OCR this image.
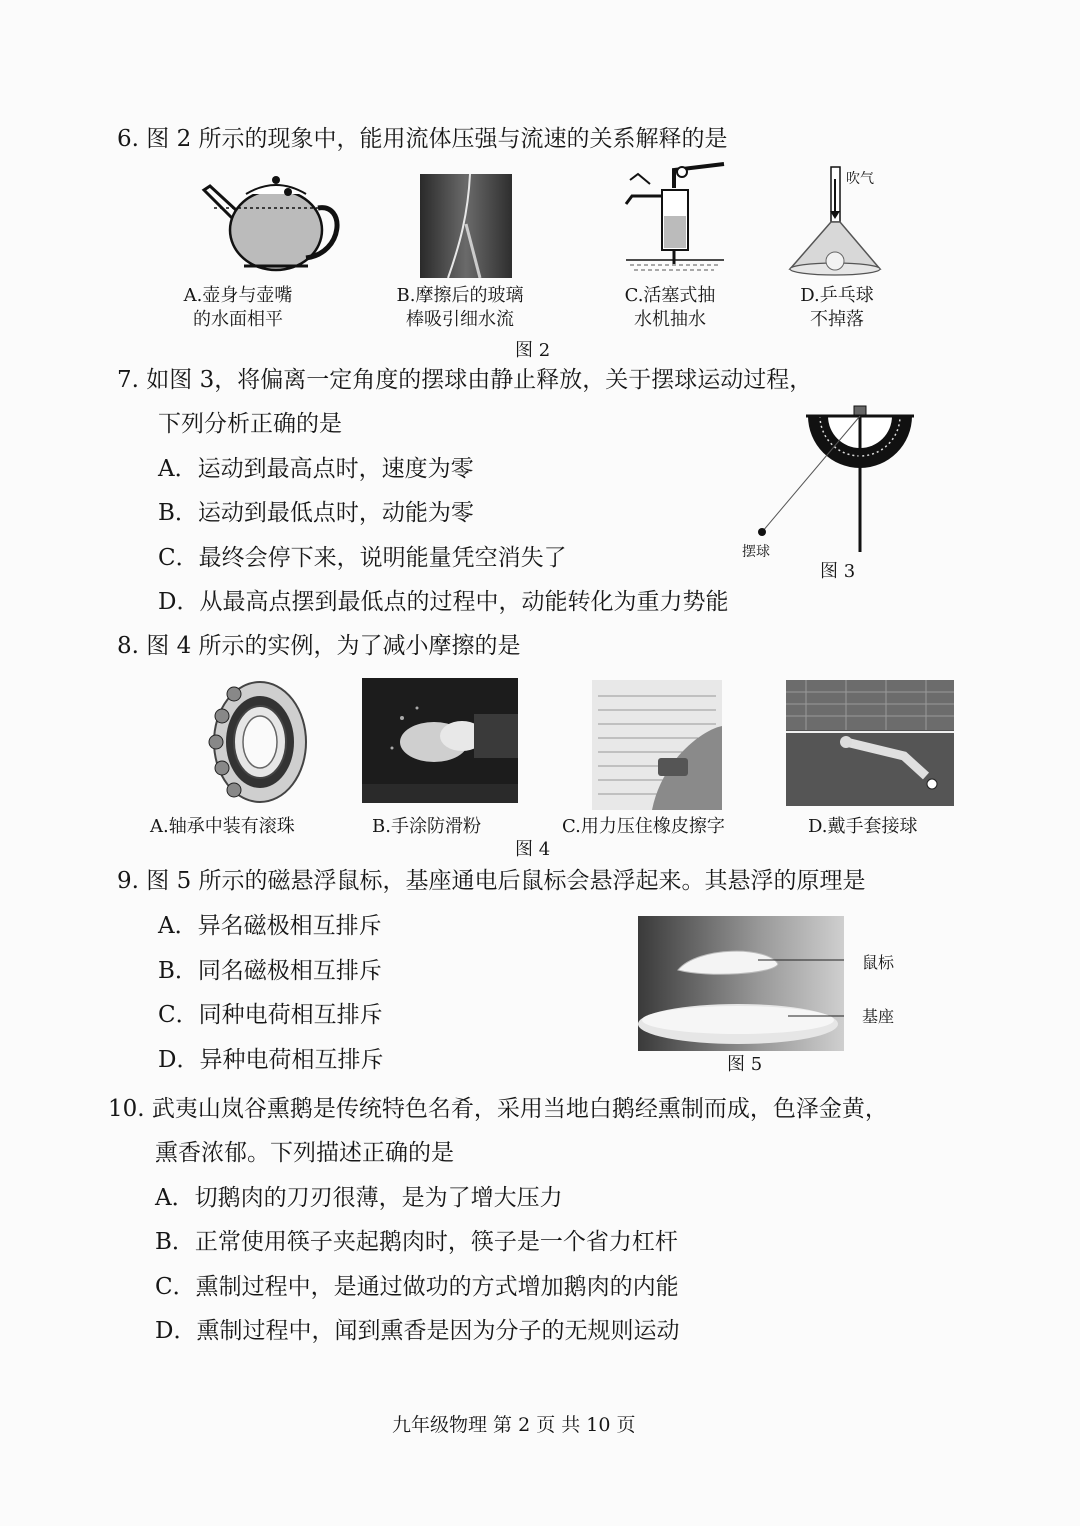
6. 图 2 所示的现象中，能用流体压强与流速的关系解释的是
吹气
A.壶身与壶嘴
的水面相平
B.摩擦后的玻璃
棒吸引细水流
C.活塞式抽
水机抽水
D.乒乓球
不掉落
图 2
7. 如图 3，将偏离一定角度的摆球由静止释放，关于摆球运动过程，
下列分析正确的是
A．运动到最高点时，速度为零
B．运动到最低点时，动能为零
C．最终会停下来，说明能量凭空消失了
D．从最高点摆到最低点的过程中，动能转化为重力势能
摆球
图 3
8. 图 4 所示的实例，为了减小摩擦的是
A.轴承中装有滚珠	B.手涂防滑粉	C.用力压住橡皮擦字	D.戴手套接球
图 4
9. 图 5 所示的磁悬浮鼠标，基座通电后鼠标会悬浮起来。其悬浮的原理是
A．异名磁极相互排斥
B．同名磁极相互排斥
C．同种电荷相互排斥
D．异种电荷相互排斥
鼠标
基座
图 5
10. 武夷山岚谷熏鹅是传统特色名肴，采用当地白鹅经熏制而成，色泽金黄，
熏香浓郁。下列描述正确的是
A．切鹅肉的刀刃很薄，是为了增大压力
B．正常使用筷子夹起鹅肉时，筷子是一个省力杠杆
C．熏制过程中，是通过做功的方式增加鹅肉的内能
D．熏制过程中，闻到熏香是因为分子的无规则运动
九年级物理 第 2 页 共 10 页
